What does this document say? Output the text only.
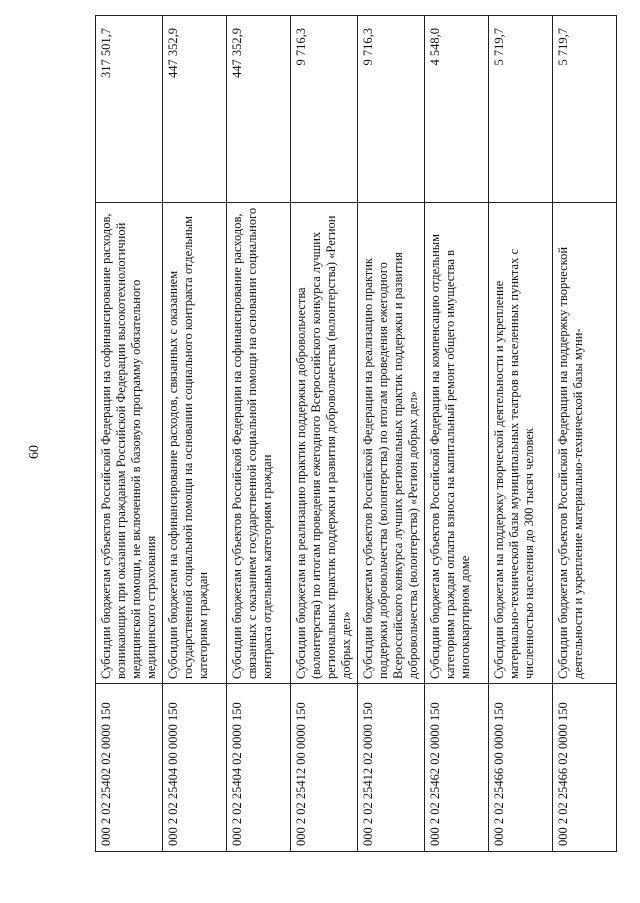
60
000 2 02 25402 02 0000 150	Субсидии бюджетам субъектов Российской Федерации на софинансирование расходов, возникающих при оказании гражданам Российской Федерации высокотехнологичной медицинской помощи, не включенной в базовую программу обязательного медицинского страхования	317 501,7
000 2 02 25404 00 0000 150	Субсидии бюджетам на софинансирование расходов, связанных с оказанием государственной социальной помощи на основании социального контракта отдельным категориям граждан	447 352,9
000 2 02 25404 02 0000 150	Субсидии бюджетам субъектов Российской Федерации на софинансирование расходов, связанных с оказанием государственной социальной помощи на основании социального контракта отдельным категориям граждан	447 352,9
000 2 02 25412 00 0000 150	Субсидии бюджетам на реализацию практик поддержки добровольчества (волонтерства) по итогам проведения ежегодного Всероссийского конкурса лучших региональных практик поддержки и развития добровольчества (волонтерства) «Регион добрых дел»	9 716,3
000 2 02 25412 02 0000 150	Субсидии бюджетам субъектов Российской Федерации на реализацию практик поддержки добровольчества (волонтерства) по итогам проведения ежегодного Всероссийского конкурса лучших региональных практик поддержки и развития добровольчества (волонтерства) «Регион добрых дел»	9 716,3
000 2 02 25462 02 0000 150	Субсидии бюджетам субъектов Российской Федерации на компенсацию отдельным категориям граждан оплаты взноса на капитальный ремонт общего имущества в многоквартирном доме	4 548,0
000 2 02 25466 00 0000 150	Субсидии бюджетам на поддержку творческой деятельности и укрепление материально-технической базы муниципальных театров в населенных пунктах с численностью населения до 300 тысяч человек	5 719,7
000 2 02 25466 02 0000 150	Субсидии бюджетам субъектов Российской Федерации на поддержку творческой деятельности и укрепление материально-технической базы муни-	5 719,7
